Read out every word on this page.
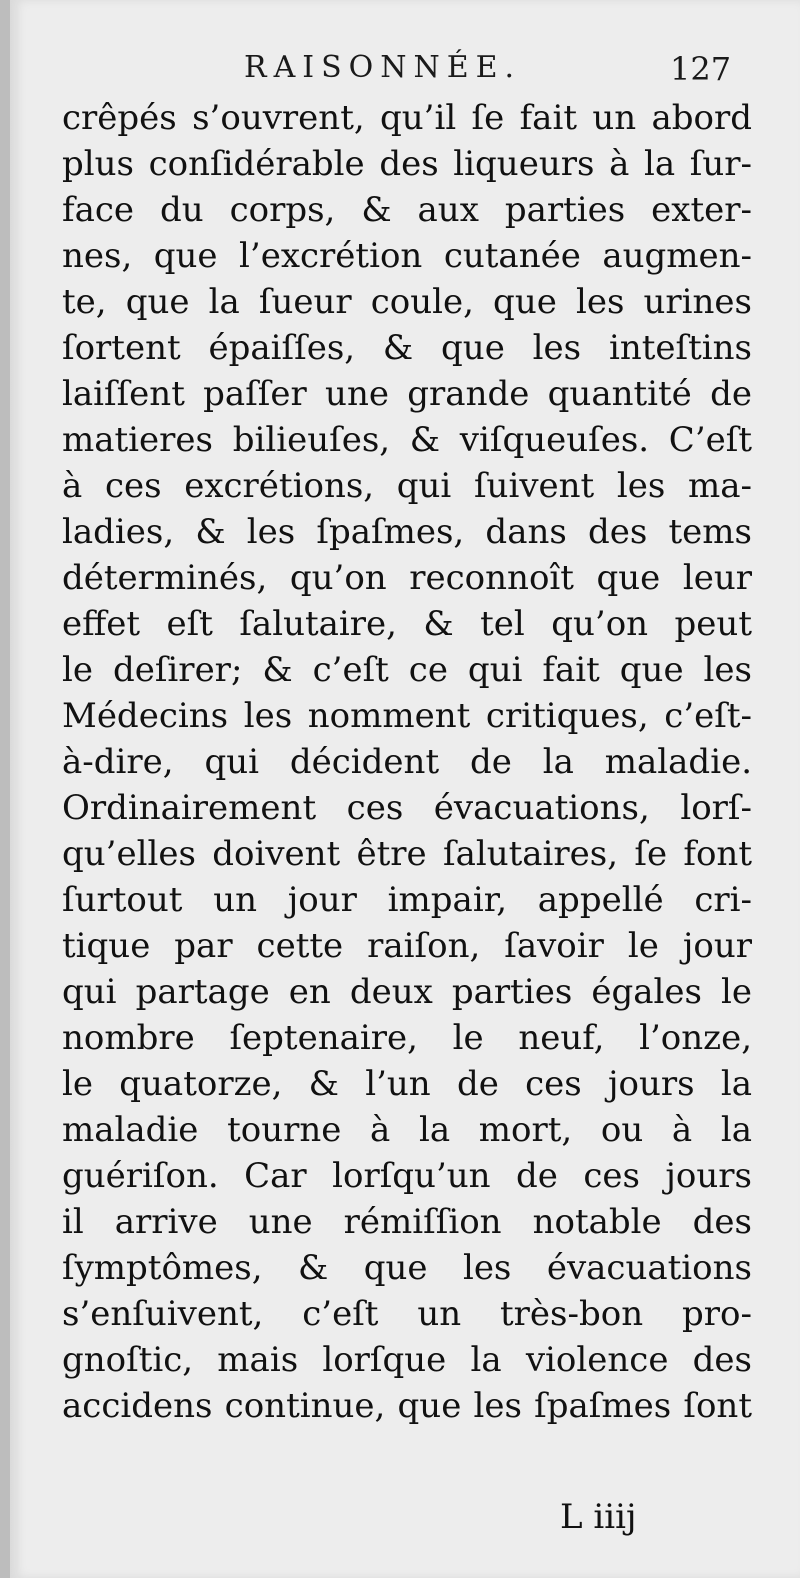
RAISONNÉE.	127
crêpés s’ouvrent, qu’il ſe fait un abord
plus conſidérable des liqueurs à la ſur-
face du corps, & aux parties exter-
nes, que l’excrétion cutanée augmen-
te, que la ſueur coule, que les urines
ſortent épaiſſes, & que les inteſtins
laiſſent paſſer une grande quantité de
matieres bilieuſes, & viſqueuſes. C’eſt
à ces excrétions, qui ſuivent les ma-
ladies, & les ſpaſmes, dans des tems
déterminés, qu’on reconnoît que leur
effet eſt ſalutaire, & tel qu’on peut
le deſirer; & c’eſt ce qui fait que les
Médecins les nomment critiques, c’eſt-
à-dire, qui décident de la maladie.
Ordinairement ces évacuations, lorſ-
qu’elles doivent être ſalutaires, ſe font
ſurtout un jour impair, appellé cri-
tique par cette raiſon, ſavoir le jour
qui partage en deux parties égales le
nombre ſeptenaire, le neuf, l’onze,
le quatorze, & l’un de ces jours la
maladie tourne à la mort, ou à la
guériſon. Car lorſqu’un de ces jours
il arrive une rémiſſion notable des
ſymptômes, & que les évacuations
s’enſuivent, c’eſt un très-bon pro-
gnoſtic, mais lorſque la violence des
accidens continue, que les ſpaſmes ſont
L iiij
